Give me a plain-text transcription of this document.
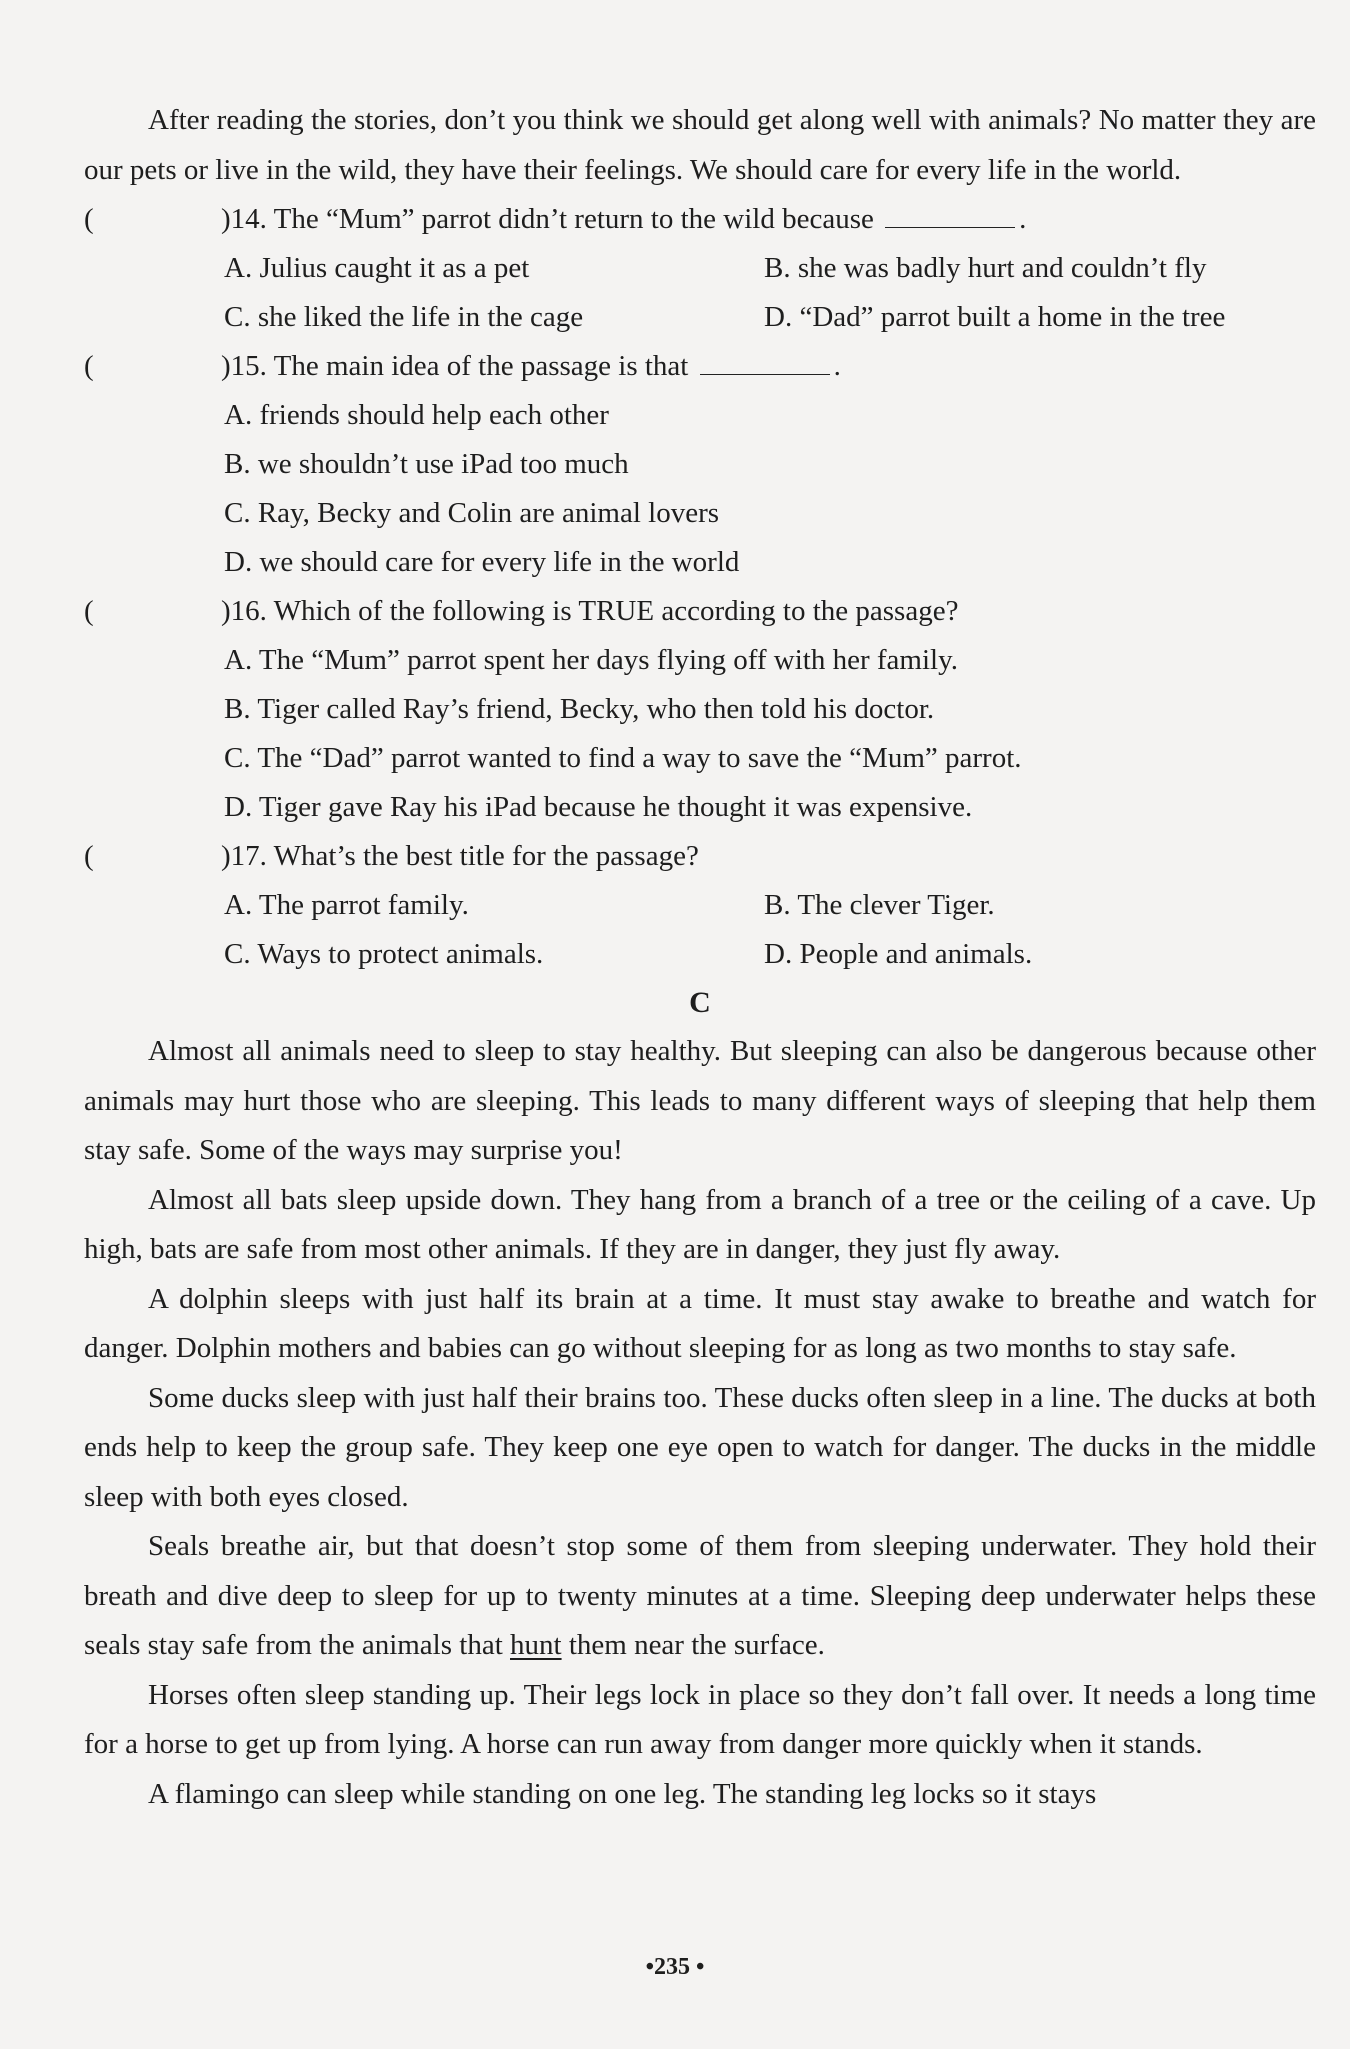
After reading the stories, don’t you think we should get along well with animals? No matter they are our pets or live in the wild, they have their feelings. We should care for every life in the world.

(	)14. The “Mum” parrot didn’t return to the wild because	.
A. Julius caught it as a pet	B. she was badly hurt and couldn’t fly
C. she liked the life in the cage	D. “Dad” parrot built a home in the tree
(	)15. The main idea of the passage is that	.
A. friends should help each other
B. we shouldn’t use iPad too much
C. Ray, Becky and Colin are animal lovers
D. we should care for every life in the world
(	)16. Which of the following is TRUE according to the passage?
A. The “Mum” parrot spent her days flying off with her family.
B. Tiger called Ray’s friend, Becky, who then told his doctor.
C. The “Dad” parrot wanted to find a way to save the “Mum” parrot.
D. Tiger gave Ray his iPad because he thought it was expensive.
(	)17. What’s the best title for the passage?
A. The parrot family.	B. The clever Tiger.
C. Ways to protect animals.	D. People and animals.
C

Almost all animals need to sleep to stay healthy. But sleeping can also be dangerous because other animals may hurt those who are sleeping. This leads to many different ways of sleeping that help them stay safe. Some of the ways may surprise you!

Almost all bats sleep upside down. They hang from a branch of a tree or the ceiling of a cave. Up high, bats are safe from most other animals. If they are in danger, they just fly away.

A dolphin sleeps with just half its brain at a time. It must stay awake to breathe and watch for danger. Dolphin mothers and babies can go without sleeping for as long as two months to stay safe.

Some ducks sleep with just half their brains too. These ducks often sleep in a line. The ducks at both ends help to keep the group safe. They keep one eye open to watch for danger. The ducks in the middle sleep with both eyes closed.

Seals breathe air, but that doesn’t stop some of them from sleeping underwater. They hold their breath and dive deep to sleep for up to twenty minutes at a time. Sleeping deep underwater helps these seals stay safe from the animals that hunt them near the surface.

Horses often sleep standing up. Their legs lock in place so they don’t fall over. It needs a long time for a horse to get up from lying. A horse can run away from danger more quickly when it stands.

A flamingo can sleep while standing on one leg. The standing leg locks so it stays

•235 •
